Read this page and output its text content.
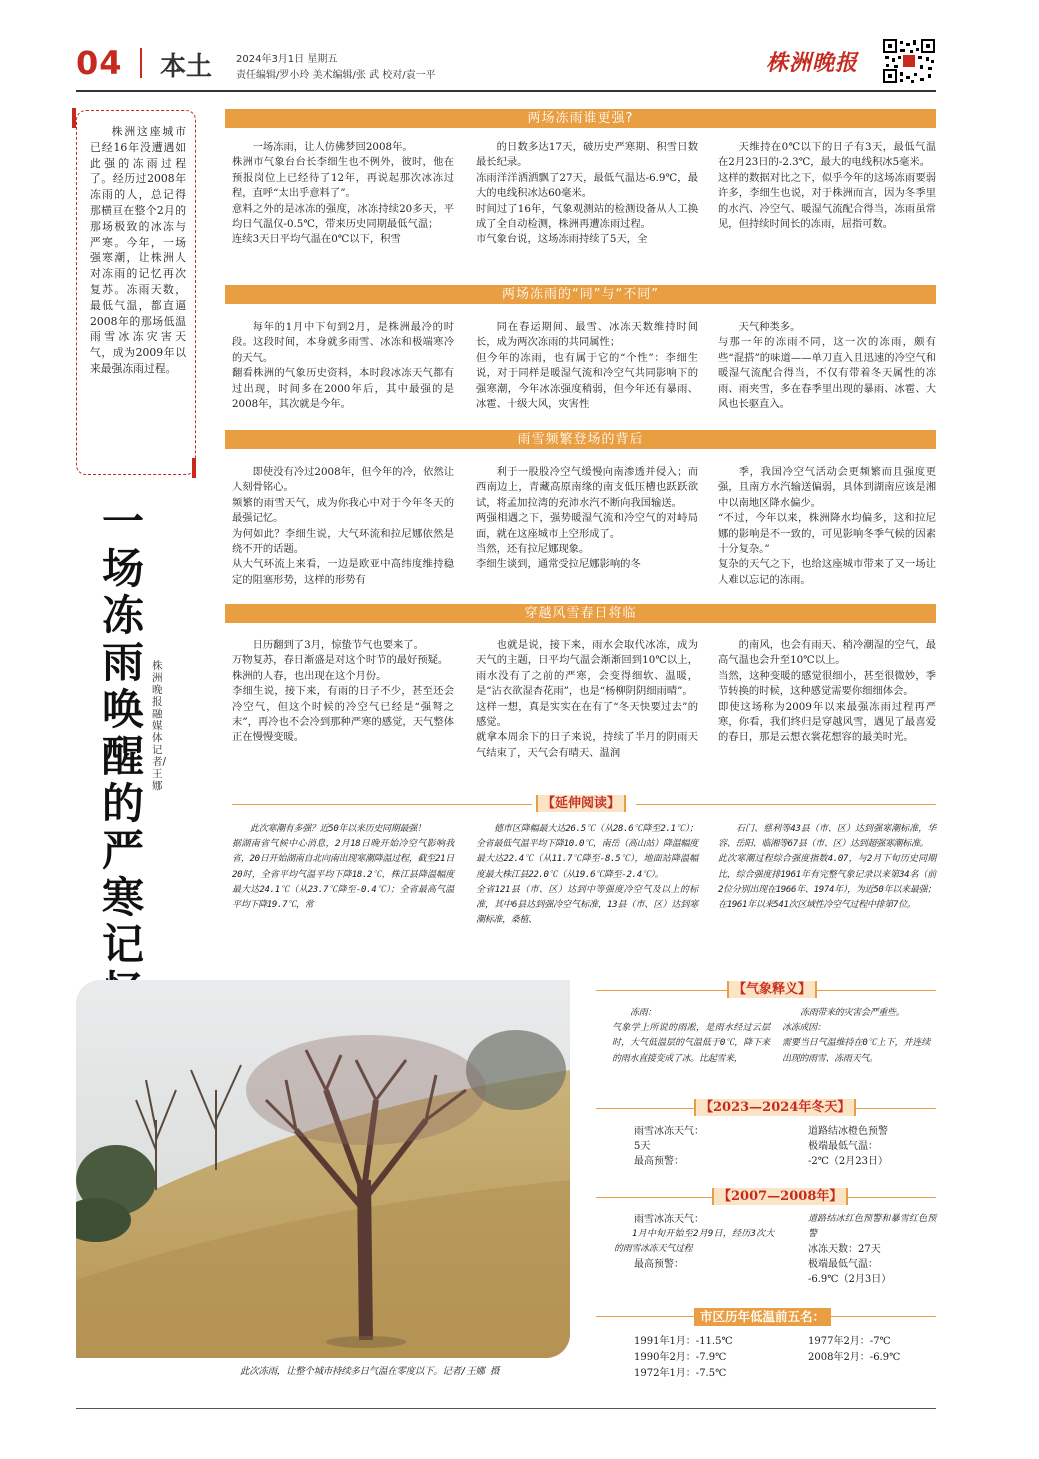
04 本土 2024年3月1日 星期五
责任编辑/罗小玲 美术编辑/张 武 校对/袁一平	株洲晚报
株洲这座城市已经16年没遭遇如此强的冻雨过程了。经历过2008年冻雨的人，总记得那横亘在整个2月的那场极致的冰冻与严寒。今年，一场强寒潮，让株洲人对冻雨的记忆再次复苏。冻雨天数，最低气温，都直逼2008年的那场低温雨雪冰冻灾害天气，成为2009年以来最强冻雨过程。
一场冻雨唤醒的严寒记
株洲晚报融媒体记者/王娜
两场冻雨谁更强?
两场冻雨的“同”与“不同”
雨雪频繁登场的背后
穿越风雪春日将临
一场冻雨，让人仿佛梦回2008年。
株洲市气象台台长李细生也不例外，彼时，他在预报岗位上已经待了12年，再说起那次冰冻过程，直呼“太出乎意料了”。
意料之外的是冰冻的强度，冰冻持续20多天，平均日气温仅-0.5℃，带来历史同期最低气温；
连续3天日平均气温在0℃以下，积雪
的日数多达17天，破历史严寒期、积雪日数最长纪录。
冻雨洋洋洒洒飘了27天，最低气温达-6.9℃，最大的电线积冰达60毫米。
时间过了16年，气象观测站的检测设备从人工换成了全自动检测，株洲再遭冻雨过程。
市气象台说，这场冻雨持续了5天，全
天维持在0℃以下的日子有3天，最低气温在2月23日的-2.3℃，最大的电线积冰5毫米。
这样的数据对比之下，似乎今年的这场冻雨要弱许多，李细生也说，对于株洲而言，因为冬季里的水汽、冷空气、暖湿气流配合得当，冻雨虽常见，但持续时间长的冻雨，屈指可数。
每年的1月中下旬到2月，是株洲最冷的时段。这段时间，本身就多雨雪、冰冻和极端寒冷的天气。
翻看株洲的气象历史资料，本时段冰冻天气都有过出现，时间多在2000年后，其中最强的是2008年，其次就是今年。
同在春运期间、最雪、冰冻天数维持时间长，成为两次冻雨的共同属性；
但今年的冻雨，也有属于它的“个性”：李细生说，对于同样是暖湿气流和冷空气共同影响下的强寒潮，今年冰冻强度稍弱，但今年还有暴雨、冰雹、十级大风，灾害性
天气种类多。
与那一年的冻雨不同，这一次的冻雨，颇有些“混搭”的味道——单刀直入且迅速的冷空气和暖湿气流配合得当，不仅有带着冬天属性的冻雨、雨夹雪，多在春季里出现的暴雨、冰雹、大风也长驱直入。
即使没有冷过2008年，但今年的冷，依然让人刻骨铭心。
频繁的雨雪天气，成为你我心中对于今年冬天的最强记忆。
为何如此？李细生说，大气环流和拉尼娜依然是绕不开的话题。
从大气环流上来看，一边是欧亚中高纬度维持稳定的阻塞形势，这样的形势有
利于一股股冷空气缓慢向南渗透并侵入；而西南边上，青藏高原南缘的南支低压槽也跃跃欲试，将孟加拉湾的充沛水汽不断向我国输送。
两强相遇之下，强势暖湿气流和冷空气的对峙局面，就在这座城市上空形成了。
当然，还有拉尼娜现象。
李细生谈到，通常受拉尼娜影响的冬
季，我国冷空气活动会更频繁而且强度更强，且南方水汽输送偏弱，具体到湖南应该是湘中以南地区降水偏少。
“不过，今年以来，株洲降水均偏多，这和拉尼娜的影响是不一致的，可见影响冬季气候的因素十分复杂。”
复杂的天气之下，也给这座城市带来了又一场让人难以忘记的冻雨。
日历翻到了3月，惊蛰节气也要来了。
万物复苏，春日渐盛是对这个时节的最好预疑。
株洲的人春，也出现在这个月份。
李细生说，接下来，有雨的日子不少，甚至还会冷空气，但这个时候的冷空气已经是“强弩之末”，再冷也不会冷到那种严寒的感觉，天气整体正在慢慢变暖。
也就是说，接下来，雨水会取代冰冻，成为天气的主题，日平均气温会渐渐回到10℃以上，雨水没有了之前的严寒，会变得细软、温暖，是“沾衣欲湿杏花雨”，也是“杨柳阴阴细雨晴”。
这样一想，真是实实在在有了“冬天快要过去”的感觉。
就拿本周余下的日子来说，持续了半月的阴雨天气结束了，天气会有晴天、温润
的南风，也会有雨天、稍冷潮湿的空气，最高气温也会升至10℃以上。
当然，这种变暖的感觉很细小，甚至很微妙，季节转换的时候，这种感觉需要你细细体会。
即使这场称为2009年以来最强冻雨过程再严寒，你看，我们终归是穿越风雪，遇见了最喜爱的春日，那是云想衣裳花想容的最美时光。
【延伸阅读】
此次寒潮有多强？近50年以来历史同期最强！
据湖南省气候中心消息，2月18日晚开始冷空气影响我省，20日开始湖南自北向南出现寒潮降温过程，截至21日20时，全省平均气温平均下降18.2℃，株江县降温幅度最大达24.1℃（从23.7℃降至-0.4℃）；全省最高气温平均下降19.7℃，常
德市区降幅最大达26.5℃（从28.6℃降至2.1℃）；全省最低气温平均下降10.0℃，南岳（高山站）降温幅度最大达22.4℃（从11.7℃降至-8.5℃），地面站降温幅度最大株江县22.0℃（从19.6℃降至-2.4℃）。
全省121县（市、区）达到中等强度冷空气及以上的标准，其中6县达到强冷空气标准，13县（市、区）达到寒潮标准，桑植、
石门、慈利等43县（市、区）达到强寒潮标准，华容、岳阳、临湘等67县（市、区）达到超强寒潮标准。
此次寒潮过程综合强度指数4.07，与2月下旬历史同期比，综合强度排1961年有完整气象记录以来第34名（前2位分别出现在1966年、1974年），为近50年以来最强；在1961年以来541次区域性冷空气过程中排第7位。
此次冻雨，让整个城市持续多日气温在零度以下。记者/王娜 摄
【气象释义】
冻雨：
气象学上所说的雨凇，是雨水经过云层时，大气低温层的气温低于0℃，降下来的雨水直接变成了冰。比起雪来，
冻雨带来的灾害会严重些。
冰冻成因：
需要当日气温维持在0℃上下，并连续出现的雨雪、冻雨天气。
【2023—2024年冬天】
雨雪冰冻天气：
5天
最高预警：
道路结冰橙色预警
极端最低气温：
-2℃（2月23日）
【2007—2008年】
雨雪冰冻天气：
1月中旬开始至2月9日，经历3次大的雨雪冰冻天气过程
最高预警：
道路结冰红色预警和暴雪红色预警
冰冻天数：27天
极端最低气温：
-6.9℃（2月3日）
市区历年低温前五名：
1991年1月：-11.5℃	1977年2月：-7℃
1990年2月：-7.9℃	2008年2月：-6.9℃
1972年1月：-7.5℃
